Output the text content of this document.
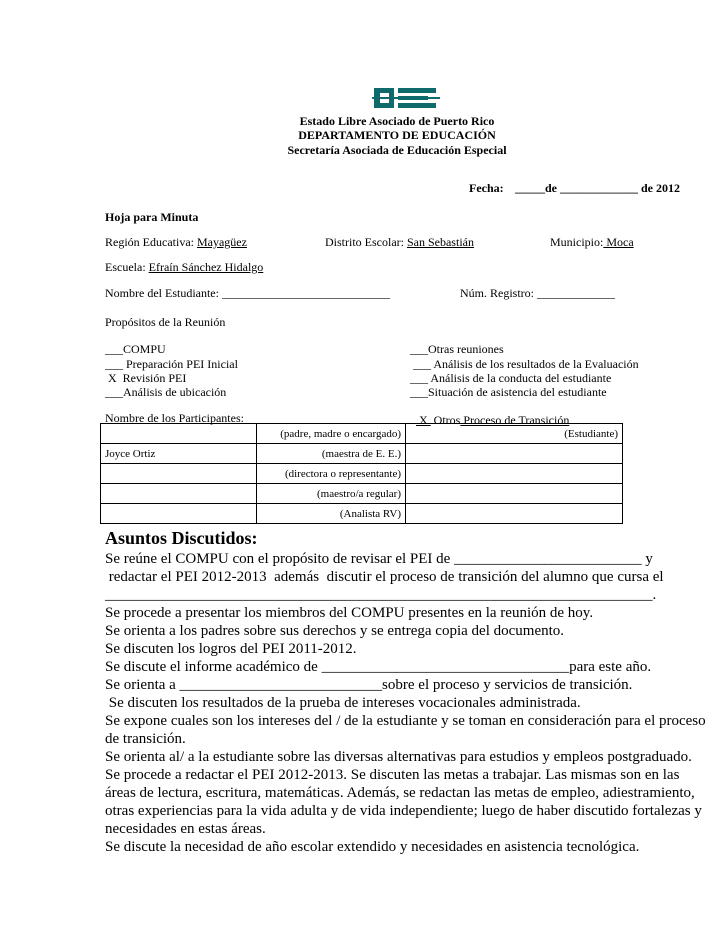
Estado Libre Asociado de Puerto Rico
DEPARTAMENTO DE EDUCACIÓN
Secretaría Asociada de Educación Especial
Fecha: _____de _____________ de 2012
Hoja para Minuta
Región Educativa: Mayagüez	Distrito Escolar: San Sebastián	Municipio: Moca
Escuela: Efraín Sánchez Hidalgo
Nombre del Estudiante: ____________________________	Núm. Registro: _____________
Propósitos de la Reunión
___COMPU
___ Preparación PEI Inicial
X  Revisión PEI
___Análisis de ubicación
___Otras reuniones
___ Análisis de los resultados de la Evaluación
___ Análisis de la conducta del estudiante
___Situación de asistencia del estudiante

X  Otros Proceso de Transición

Nombre de los Participantes:
	(padre, madre o encargado)	(Estudiante)
Joyce Ortiz	(maestra de E. E.)	
	(directora o representante)	
	(maestro/a regular)	
	(Analista RV)	
Asuntos Discutidos:
Se reúne el COMPU con el propósito de revisar el PEI de _________________________ y
redactar el PEI 2012-2013  además  discutir el proceso de transición del alumno que cursa el
_________________________________________________________________________.
Se procede a presentar los miembros del COMPU presentes en la reunión de hoy.
Se orienta a los padres sobre sus derechos y se entrega copia del documento.
Se discuten los logros del PEI 2011-2012.
Se discute el informe académico de _________________________________para este año.
Se orienta a ___________________________sobre el proceso y servicios de transición.
Se discuten los resultados de la prueba de intereses vocacionales administrada.
Se expone cuales son los intereses del / de la estudiante y se toman en consideración para el proceso
de transición.
Se orienta al/ a la estudiante sobre las diversas alternativas para estudios y empleos postgraduado.
Se procede a redactar el PEI 2012-2013. Se discuten las metas a trabajar. Las mismas son en las
áreas de lectura, escritura, matemáticas. Además, se redactan las metas de empleo, adiestramiento,
otras experiencias para la vida adulta y de vida independiente; luego de haber discutido fortalezas y
necesidades en estas áreas.
Se discute la necesidad de año escolar extendido y necesidades en asistencia tecnológica.
